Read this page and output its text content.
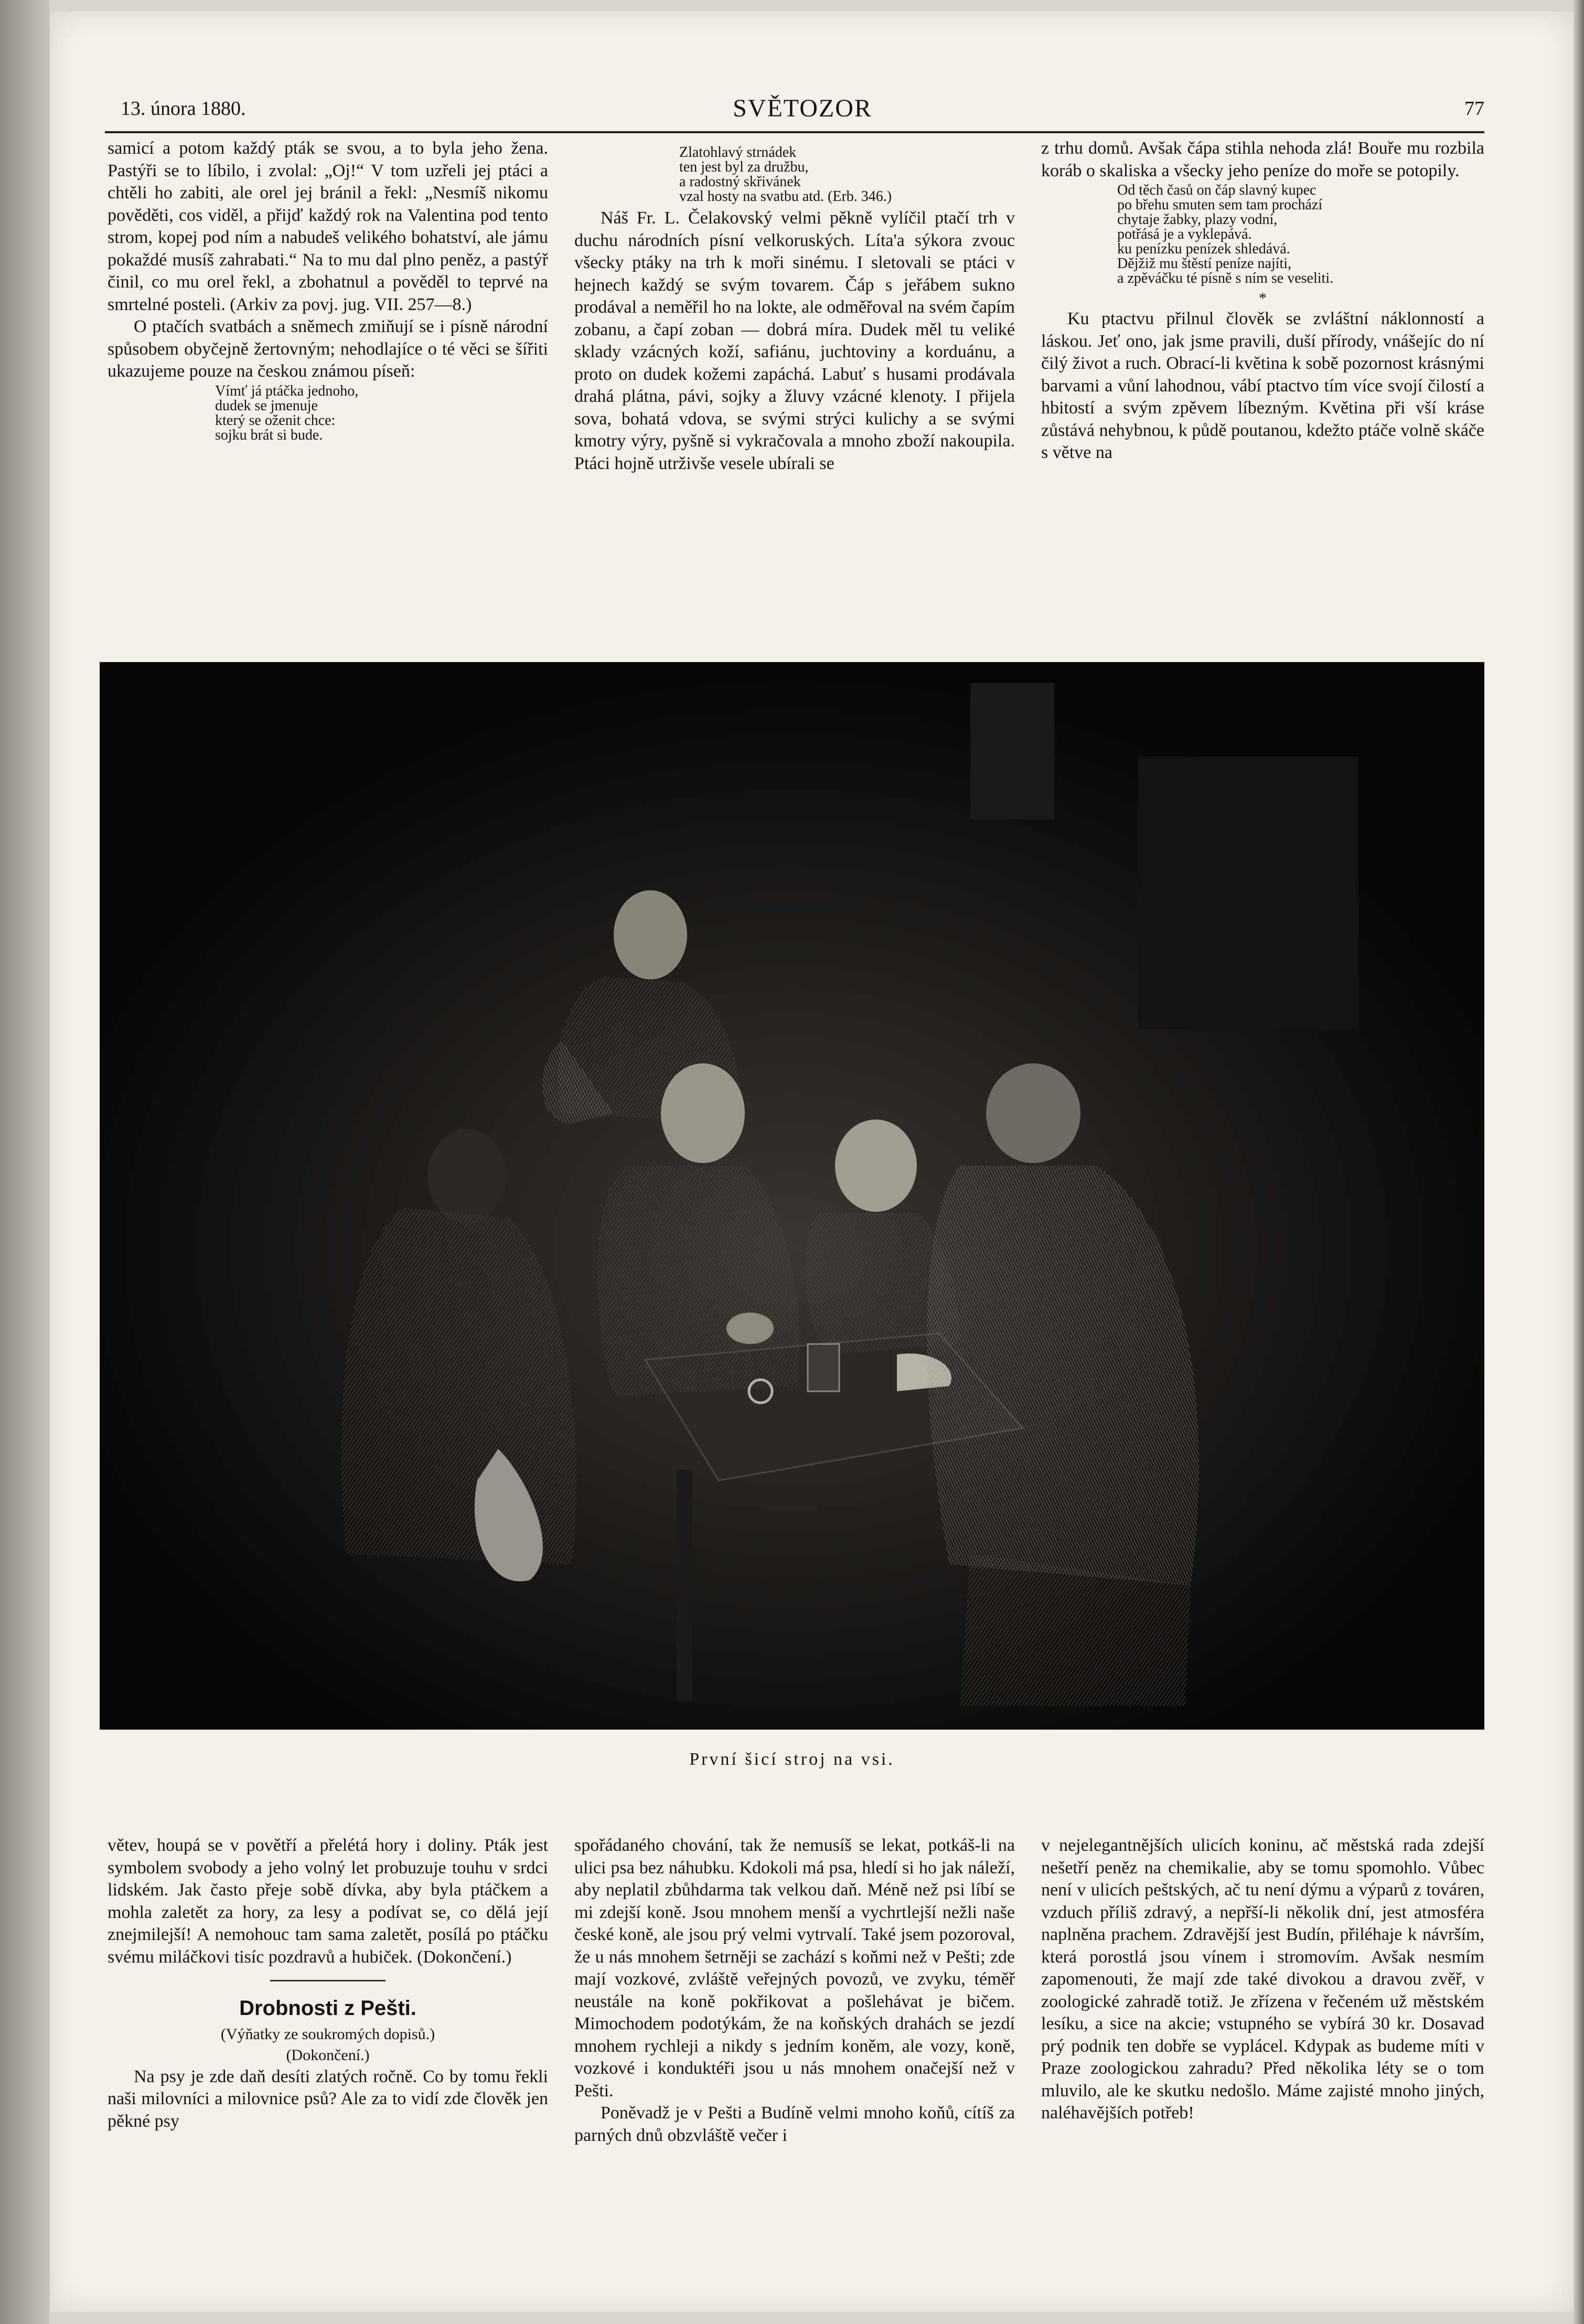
13. února 1880.	SVĚTOZOR	77

samicí a potom každý pták se svou, a to byla jeho žena. Pastýři se to líbilo, i zvolal: „Oj!“ V tom uzřeli jej ptáci a chtěli ho zabiti, ale orel jej bránil a řekl: „Nesmíš nikomu pověděti, cos viděl, a přijď každý rok na Valentina pod tento strom, kopej pod ním a nabudeš velikého bohatství, ale jámu pokaždé musíš zahrabati.“ Na to mu dal plno peněz, a pastýř činil, co mu orel řekl, a zbohatnul a pověděl to teprvé na smrtelné posteli. (Arkiv za povj. jug. VII. 257—8.)

O ptačích svatbách a sněmech zmiňují se i písně národní spůsobem obyčejně žertovným; nehodlajíce o té věci se šířiti ukazujeme pouze na českou známou píseň:

Vímť já ptáčka jednoho,
dudek se jmenuje
který se oženit chce:
sojku brát si bude.
Zlatohlavý strnádek
ten jest byl za družbu,
a radostný skřivánek
vzal hosty na svatbu atd. (Erb. 346.)

Náš Fr. L. Čelakovský velmi pěkně vylíčil ptačí trh v duchu národních písní velkoruských. Líta'a sýkora zvouc všecky ptáky na trh k moři sinému. I sletovali se ptáci v hejnech každý se svým tovarem. Čáp s jeřábem sukno prodával a neměřil ho na lokte, ale odměřoval na svém čapím zobanu, a čapí zoban — dobrá míra. Dudek měl tu veliké sklady vzácných koží, safiánu, juchtoviny a korduánu, a proto on dudek kožemi zapáchá. Labuť s husami prodávala drahá plátna, pávi, sojky a žluvy vzácné klenoty. I přijela sova, bohatá vdova, se svými strýci kulichy a se svými kmotry výry, pyšně si vykračovala a mnoho zboží nakoupila. Ptáci hojně utrživše vesele ubírali se

z trhu domů. Avšak čápa stihla nehoda zlá! Bouře mu rozbila koráb o skaliska a všecky jeho peníze do moře se potopily.

Od těch časů on čáp slavný kupec
po břehu smuten sem tam prochází
chytaje žabky, plazy vodní,
potřásá je a vyklepává.
ku penízku penízek shledává.
Dějžiž mu štěstí peníze najíti,
a zpěváčku té písně s ním se veseliti.
*

Ku ptactvu přilnul člověk se zvláštní náklonností a láskou. Jeť ono, jak jsme pravili, duší přírody, vnášejíc do ní čilý život a ruch. Obrací-li květina k sobě pozornost krásnými barvami a vůní lahodnou, vábí ptactvo tím více svojí čilostí a hbitostí a svým zpěvem líbezným. Květina při vší kráse zůstává nehybnou, k půdě poutanou, kdežto ptáče volně skáče s větve na

První šicí stroj na vsi.

větev, houpá se v povětří a přelétá hory i doliny. Pták jest symbolem svobody a jeho volný let probuzuje touhu v srdci lidském. Jak často přeje sobě dívka, aby byla ptáčkem a mohla zaletět za hory, za lesy a podívat se, co dělá její znejmilejší! A nemohouc tam sama zaletět, posílá po ptáčku svému miláčkovi tisíc pozdravů a hubiček. (Dokončení.)

Drobnosti z Pešti.
(Výňatky ze soukromých dopisů.)
(Dokončení.)

Na psy je zde daň desíti zlatých ročně. Co by tomu řekli naši milovníci a milovnice psů? Ale za to vidí zde člověk jen pěkné psy

spořádaného chování, tak že nemusíš se lekat, potkáš-li na ulici psa bez náhubku. Kdokoli má psa, hledí si ho jak náleží, aby neplatil zbůhdarma tak velkou daň. Méně než psi líbí se mi zdejší koně. Jsou mnohem menší a vychrtlejší nežli naše české koně, ale jsou prý velmi vytrvalí. Také jsem pozoroval, že u nás mnohem šetrněji se zachází s koňmi než v Pešti; zde mají vozkové, zvláště veřejných povozů, ve zvyku, téměř neustále na koně pokřikovat a pošlehávat je bičem. Mimochodem podotýkám, že na koňských drahách se jezdí mnohem rychleji a nikdy s jedním koněm, ale vozy, koně, vozkové i konduktéři jsou u nás mnohem onačejší než v Pešti.

Poněvadž je v Pešti a Budíně velmi mnoho koňů, cítíš za parných dnů obzvláště večer i

v nejelegantnějších ulicích koninu, ač městská rada zdejší nešetří peněz na chemikalie, aby se tomu spomohlo. Vůbec není v ulicích peštských, ač tu není dýmu a výparů z továren, vzduch příliš zdravý, a nepřší-li několik dní, jest atmosféra naplněna prachem. Zdravější jest Budín, přiléhaje k návrším, která porostlá jsou vínem i stromovím. Avšak nesmím zapomenouti, že mají zde také divokou a dravou zvěř, v zoologické zahradě totiž. Je zřízena v řečeném už městském lesíku, a sice na akcie; vstupného se vybírá 30 kr. Dosavad prý podnik ten dobře se vyplácel. Kdypak as budeme míti v Praze zoologickou zahradu? Před několika léty se o tom mluvilo, ale ke skutku nedošlo. Máme zajisté mnoho jiných, naléhavějších potřeb!
